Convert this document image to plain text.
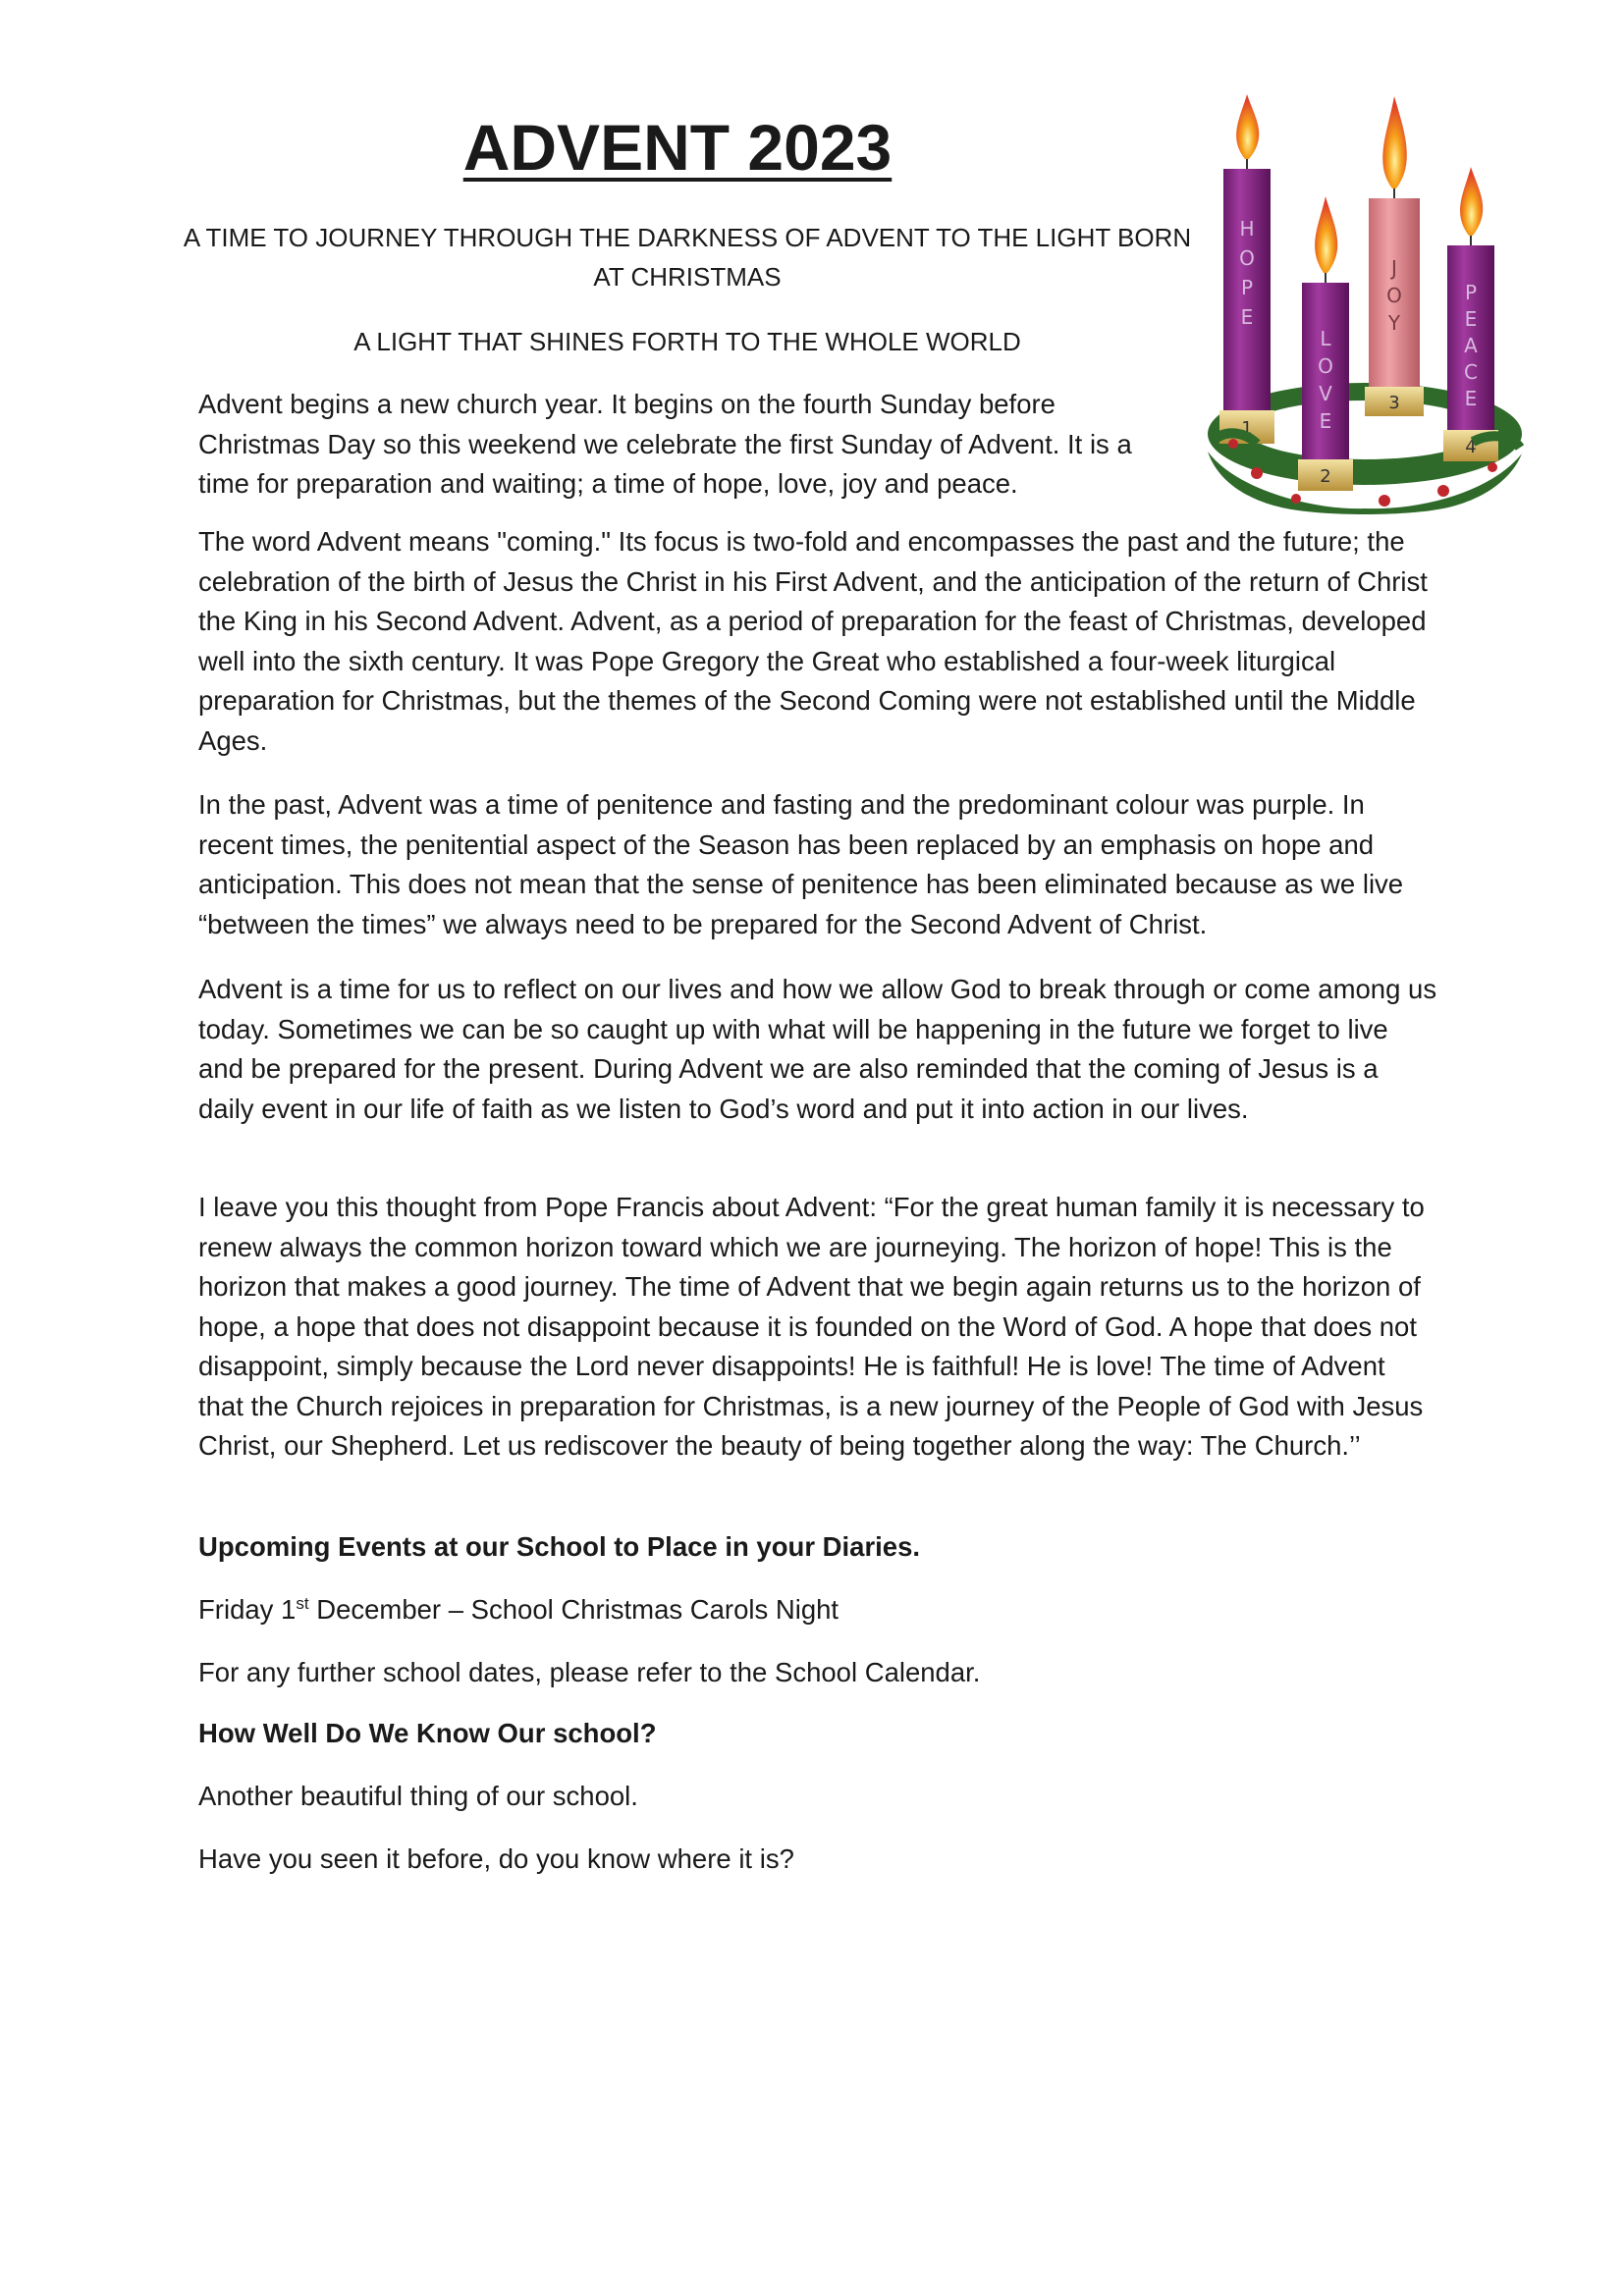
ADVENT 2023

A TIME TO JOURNEY THROUGH THE DARKNESS OF ADVENT TO THE LIGHT BORN AT CHRISTMAS

A LIGHT THAT SHINES FORTH TO THE WHOLE WORLD

1
H
O
P
E
4
P
E
A
C
E
3
J
O
Y
2
L
O
V
E

Advent begins a new church year. It begins on the fourth Sunday before Christmas Day so this weekend we celebrate the first Sunday of Advent. It is a time for preparation and waiting; a time of hope, love, joy and peace.

The word Advent means "coming." Its focus is two-fold and encompasses the past and the future; the celebration of the birth of Jesus the Christ in his First Advent, and the anticipation of the return of Christ the King in his Second Advent. Advent, as a period of preparation for the feast of Christmas, developed well into the sixth century. It was Pope Gregory the Great who established a four-week liturgical preparation for Christmas, but the themes of the Second Coming were not established until the Middle Ages.

In the past, Advent was a time of penitence and fasting and the predominant colour was purple. In recent times, the penitential aspect of the Season has been replaced by an emphasis on hope and anticipation. This does not mean that the sense of penitence has been eliminated because as we live “between the times” we always need to be prepared for the Second Advent of Christ.

Advent is a time for us to reflect on our lives and how we allow God to break through or come among us today. Sometimes we can be so caught up with what will be happening in the future we forget to live and be prepared for the present. During Advent we are also reminded that the coming of Jesus is a daily event in our life of faith as we listen to God’s word and put it into action in our lives.

I leave you this thought from Pope Francis about Advent: “For the great human family it is necessary to renew always the common horizon toward which we are journeying. The horizon of hope! This is the horizon that makes a good journey. The time of Advent that we begin again returns us to the horizon of hope, a hope that does not disappoint because it is founded on the Word of God. A hope that does not disappoint, simply because the Lord never disappoints! He is faithful! He is love! The time of Advent that the Church rejoices in preparation for Christmas, is a new journey of the People of God with Jesus Christ, our Shepherd. Let us rediscover the beauty of being together along the way: The Church.’’

Upcoming Events at our School to Place in your Diaries.

Friday 1st December – School Christmas Carols Night

For any further school dates, please refer to the School Calendar.

How Well Do We Know Our school?

Another beautiful thing of our school.

Have you seen it before, do you know where it is?
